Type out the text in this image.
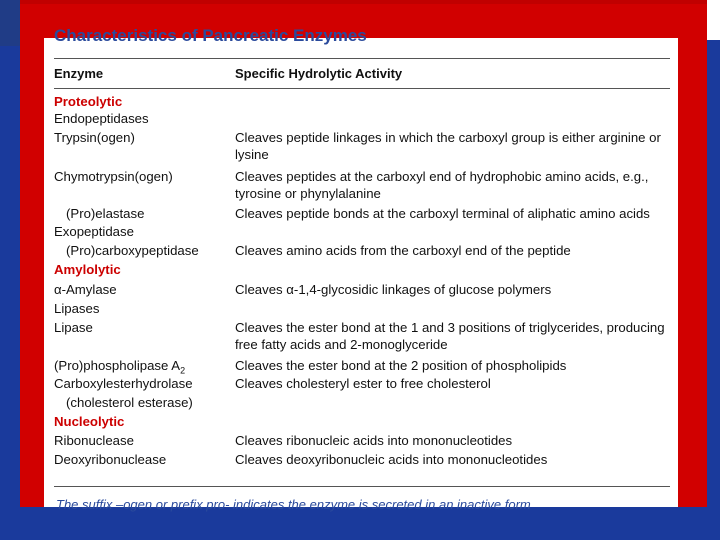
Characteristics of Pancreatic Enzymes
Enzyme	Specific Hydrolytic Activity
Proteolytic
Endopeptidases
Trypsin(ogen)	Cleaves peptide linkages in which the carboxyl group is either arginine or lysine
Chymotrypsin(ogen)	Cleaves peptides at the carboxyl end of hydrophobic amino acids, e.g., tyrosine or phynylalanine
(Pro)elastase	Cleaves peptide bonds at the carboxyl terminal of aliphatic amino acids
Exopeptidase
(Pro)carboxypeptidase	Cleaves amino acids from the carboxyl end of the peptide
Amylolytic
α-Amylase	Cleaves α-1,4-glycosidic linkages of glucose polymers
Lipases
Lipase	Cleaves the ester bond at the 1 and 3 positions of triglycerides, producing free fatty acids and 2-monoglyceride
(Pro)phospholipase $A_2$	Cleaves the ester bond at the 2 position of phospholipids
Carboxylesterhydrolase	Cleaves cholesteryl ester to free cholesterol
(cholesterol esterase)
Nucleolytic
Ribonuclease	Cleaves ribonucleic acids into mononucleotides
Deoxyribonuclease	Cleaves deoxyribonucleic acids into mononucleotides

The suffix –ogen or prefix pro- indicates the enzyme is secreted in an inactive form
